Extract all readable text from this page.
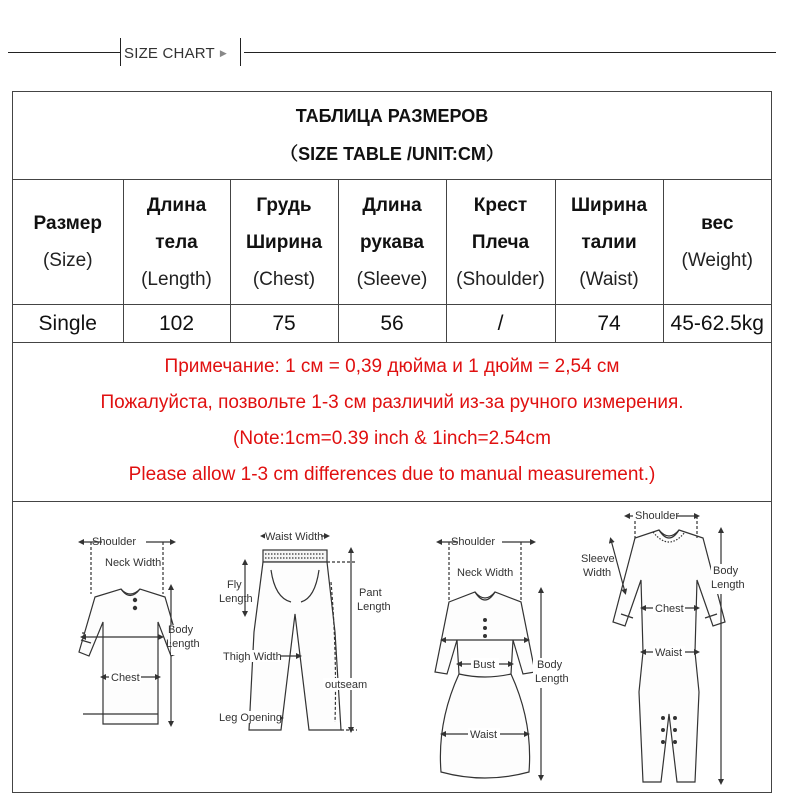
SIZE CHART ▶
ТАБЛИЦА РАЗМЕРОВ
（SIZE TABLE /UNIT:CM）
Размер
(Size)	Длина
тела
(Length)	Грудь
Ширина
(Chest)	Длина
рукава
(Sleeve)	Крест
Плеча
(Shoulder)	Ширина
талии
(Waist)	вес
(Weight)

Single	102	75	56	/	74	45-62.5kg
Примечание: 1 см = 0,39 дюйма и 1 дюйм = 2,54 см
Пожалуйста, позвольте 1-3 см различий из-за ручного измерения.
(Note:1cm=0.39 inch & 1inch=2.54cm
Please allow 1-3 cm differences due to manual measurement.)
Shoulder
Neck Width
Body
Length
Chest
Waist Width
Fly
Length	Pant
Length
Thigh Width
outseam
Leg Opening
Shoulder
Neck Width
Body
Length
Bust
Waist
Shoulder
Sleeve
Width	Body
Length
Chest
Waist
